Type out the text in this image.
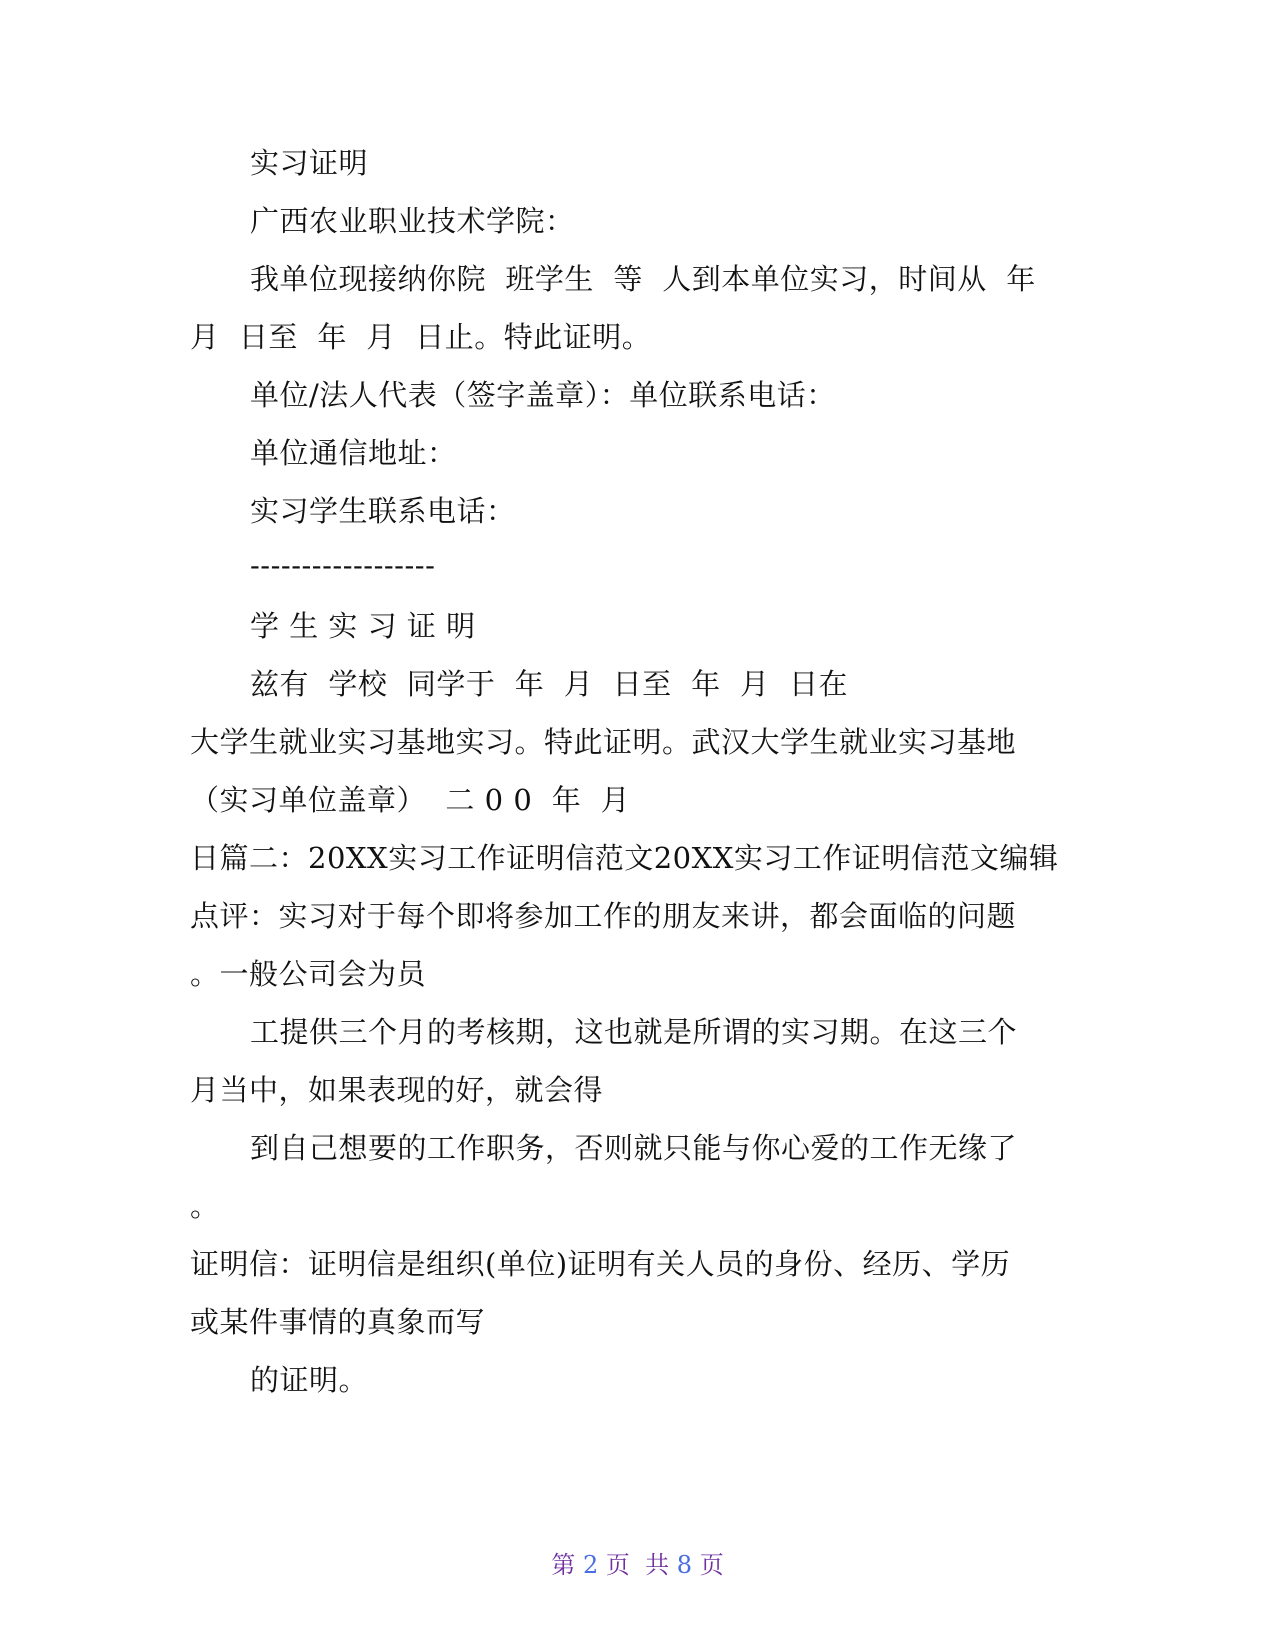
实习证明
广西农业职业技术学院：
我单位现接纳你院  班学生  等  人到本单位实习，时间从  年
月  日至  年  月  日止。特此证明。
单位/法人代表（签字盖章）：单位联系电话：
单位通信地址：
实习学生联系电话：
------------------
学 生 实 习 证 明
兹有  学校  同学于  年  月  日至  年  月  日在
大学生就业实习基地实习。特此证明。武汉大学生就业实习基地
（实习单位盖章）  二 0 0  年  月
日篇二：20XX实习工作证明信范文20XX实习工作证明信范文编辑
点评：实习对于每个即将参加工作的朋友来讲，都会面临的问题
。一般公司会为员
工提供三个月的考核期，这也就是所谓的实习期。在这三个
月当中，如果表现的好，就会得
到自己想要的工作职务，否则就只能与你心爱的工作无缘了
。
证明信：证明信是组织(单位)证明有关人员的身份、经历、学历
或某件事情的真象而写
的证明。
第 2 页  共 8 页
